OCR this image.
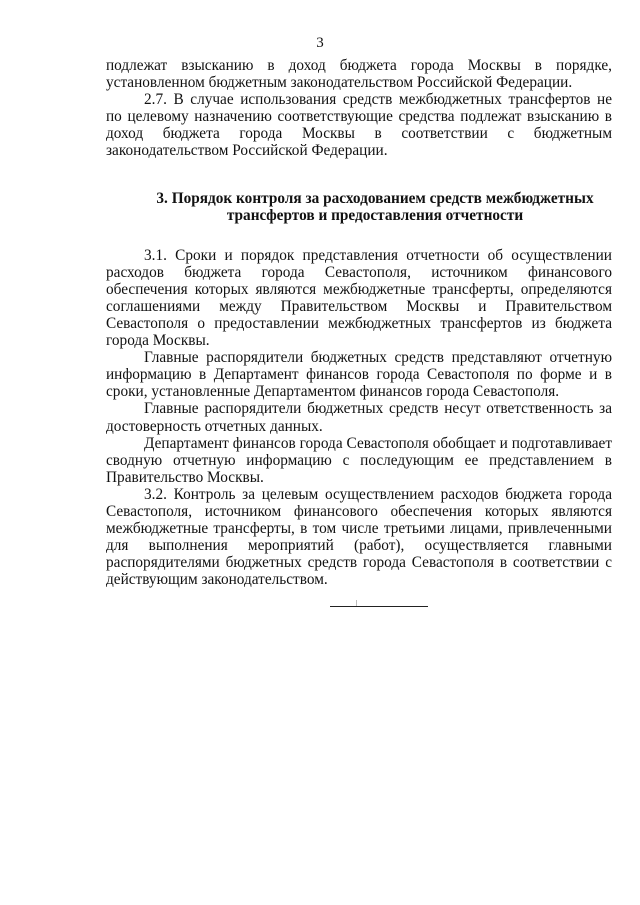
3

подлежат взысканию в доход бюджета города Москвы в порядке, установленном бюджетным законодательством Российской Федерации.

2.7. В случае использования средств межбюджетных трансфертов не по целевому назначению соответствующие средства подлежат взысканию в доход бюджета города Москвы в соответствии с бюджетным законодательством Российской Федерации.

3. Порядок контроля за расходованием средств межбюджетных трансфертов и предоставления отчетности

3.1. Сроки и порядок представления отчетности об осуществлении расходов бюджета города Севастополя, источником финансового обеспечения которых являются межбюджетные трансферты, определяются соглашениями между Правительством Москвы и Правительством Севастополя о предоставлении межбюджетных трансфертов из бюджета города Москвы.

Главные распорядители бюджетных средств представляют отчетную информацию в Департамент финансов города Севастополя по форме и в сроки, установленные Департаментом финансов города Севастополя.

Главные распорядители бюджетных средств несут ответственность за достоверность отчетных данных.

Департамент финансов города Севастополя обобщает и подготавливает сводную отчетную информацию с последующим ее представлением в Правительство Москвы.

3.2. Контроль за целевым осуществлением расходов бюджета города Севастополя, источником финансового обеспечения которых являются межбюджетные трансферты, в том числе третьими лицами, привлеченными для выполнения мероприятий (работ), осуществляется главными распорядителями бюджетных средств города Севастополя в соответствии с действующим законодательством.
